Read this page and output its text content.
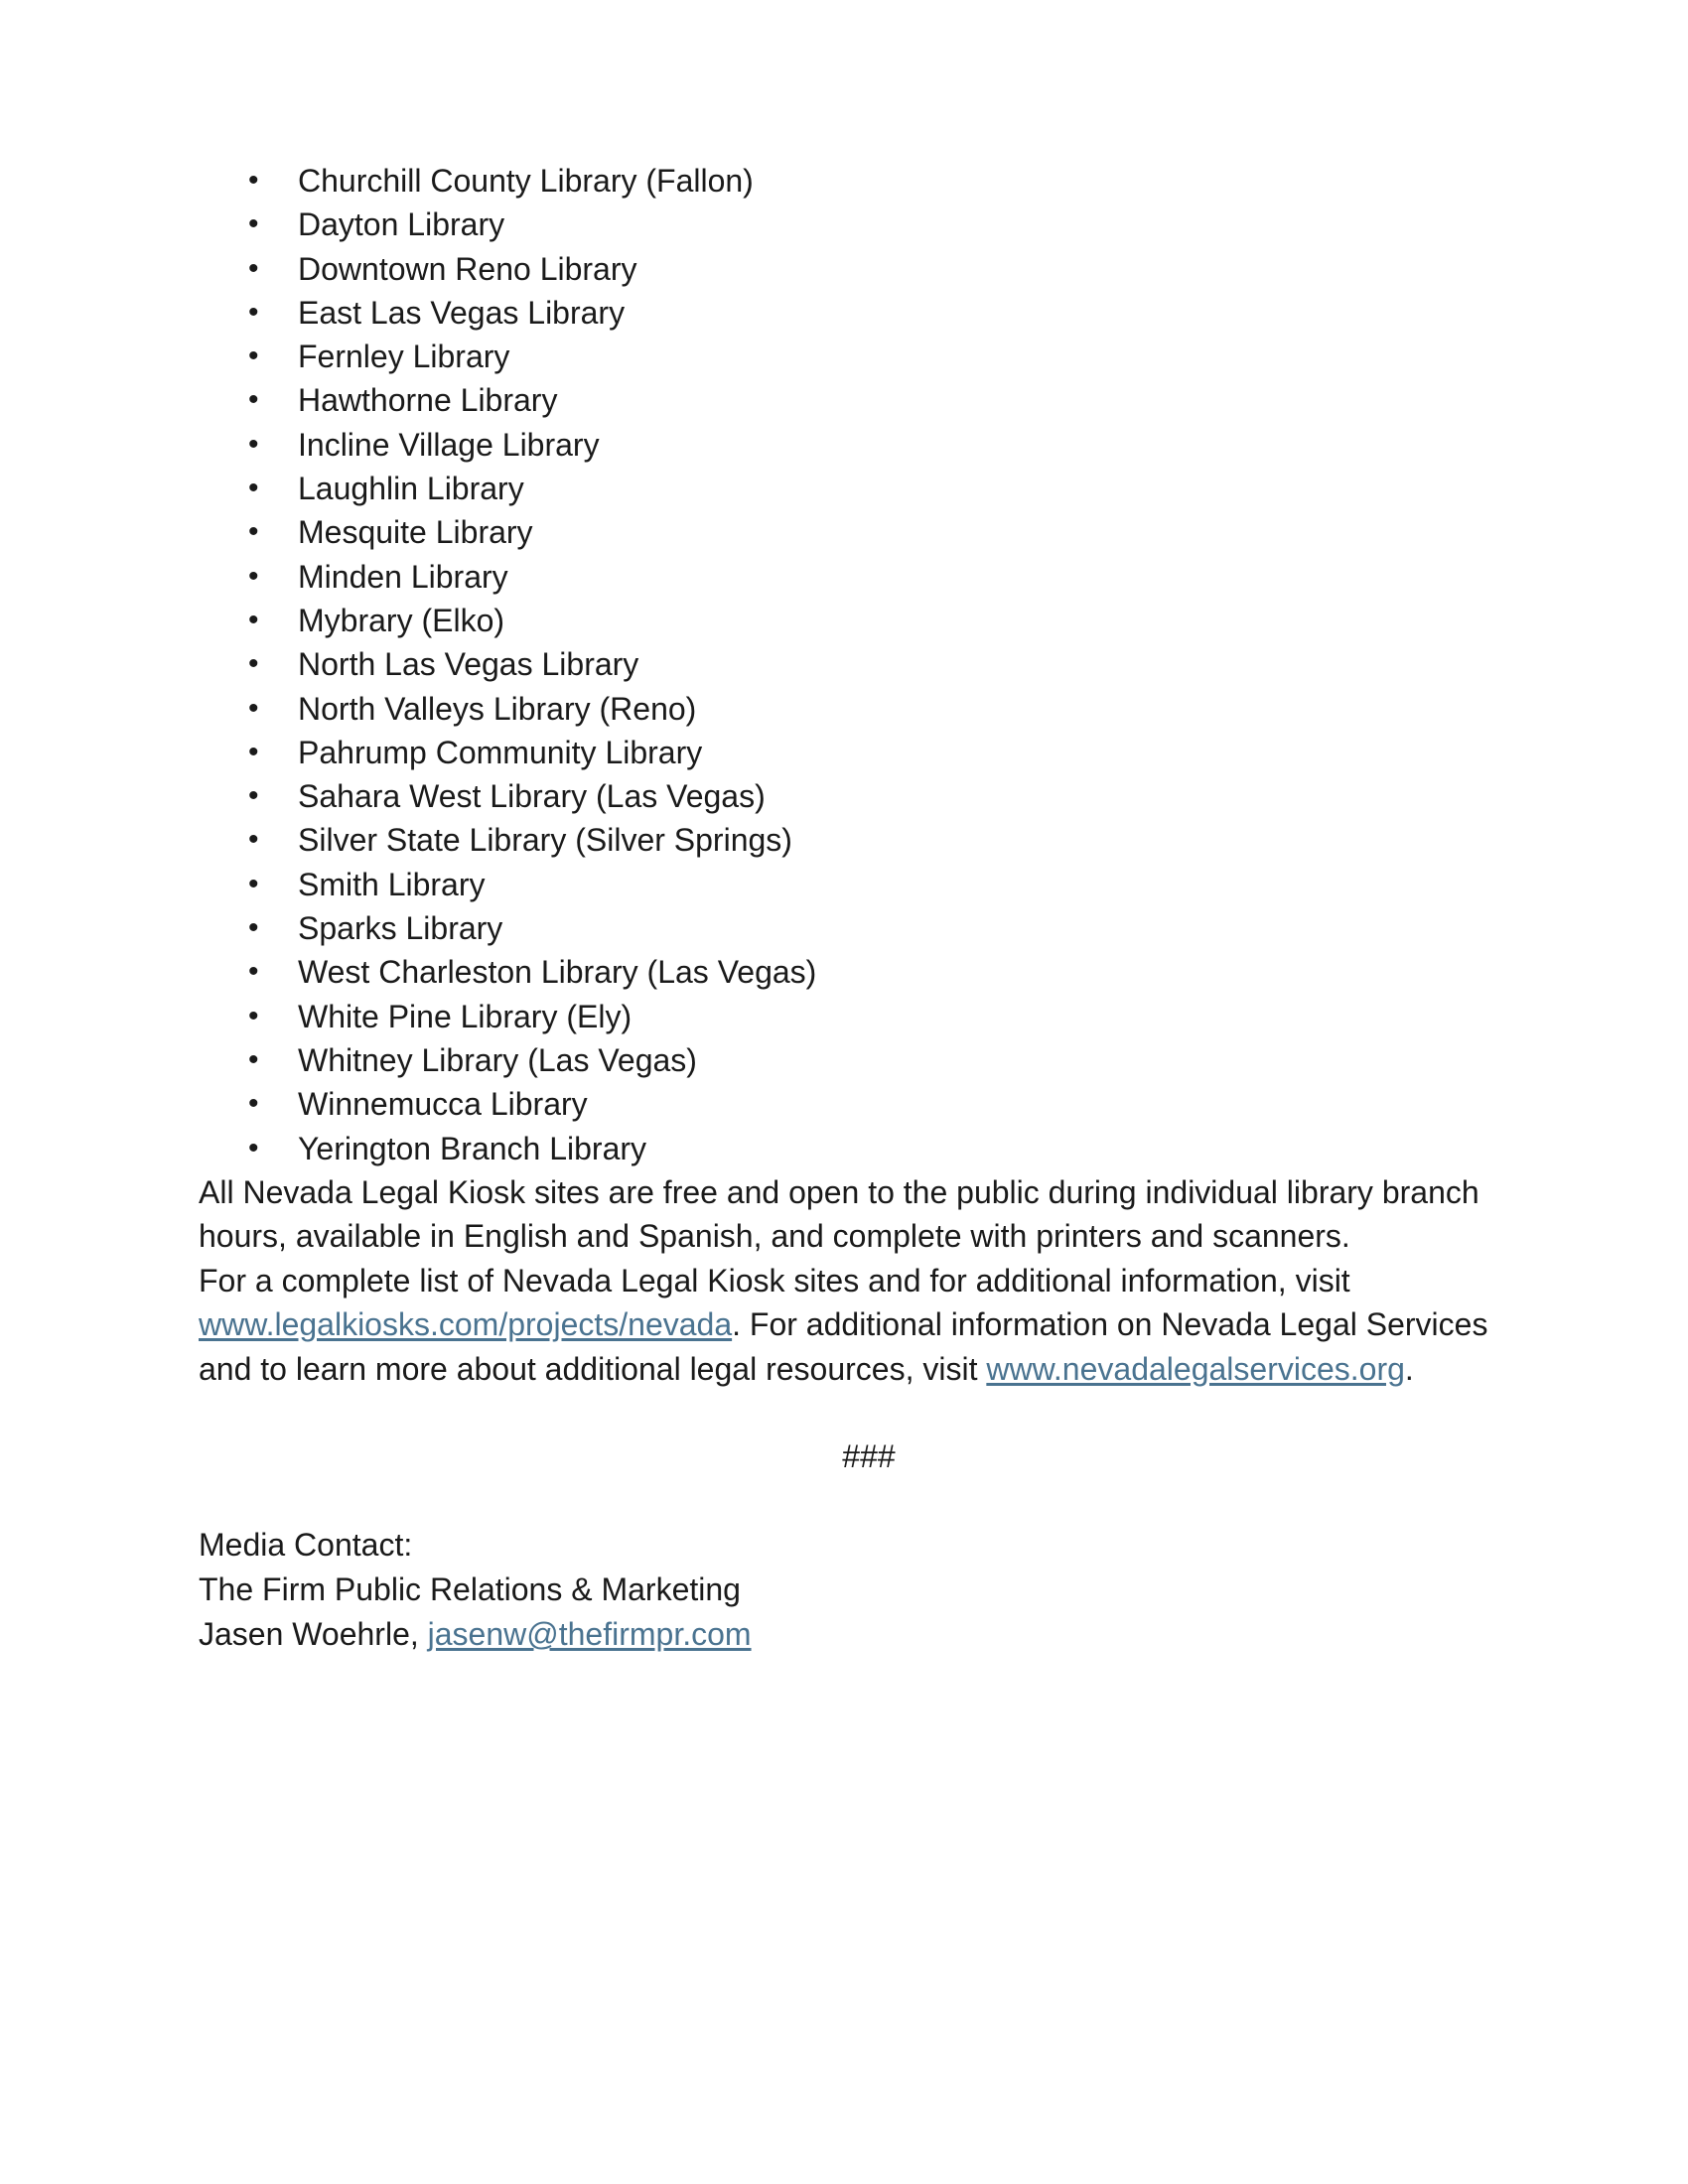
• Churchill County Library (Fallon)
• Dayton Library
• Downtown Reno Library
• East Las Vegas Library
• Fernley Library
• Hawthorne Library
• Incline Village Library
• Laughlin Library
• Mesquite Library
• Minden Library
• Mybrary (Elko)
• North Las Vegas Library
• North Valleys Library (Reno)
• Pahrump Community Library
• Sahara West Library (Las Vegas)
• Silver State Library (Silver Springs)
• Smith Library
• Sparks Library
• West Charleston Library (Las Vegas)
• White Pine Library (Ely)
• Whitney Library (Las Vegas)
• Winnemucca Library
• Yerington Branch Library

All Nevada Legal Kiosk sites are free and open to the public during individual library branch hours, available in English and Spanish, and complete with printers and scanners.

For a complete list of Nevada Legal Kiosk sites and for additional information, visit www.legalkiosks.com/projects/nevada. For additional information on Nevada Legal Services and to learn more about additional legal resources, visit www.nevadalegalservices.org.

###
Media Contact:
The Firm Public Relations & Marketing
Jasen Woehrle, jasenw@thefirmpr.com
